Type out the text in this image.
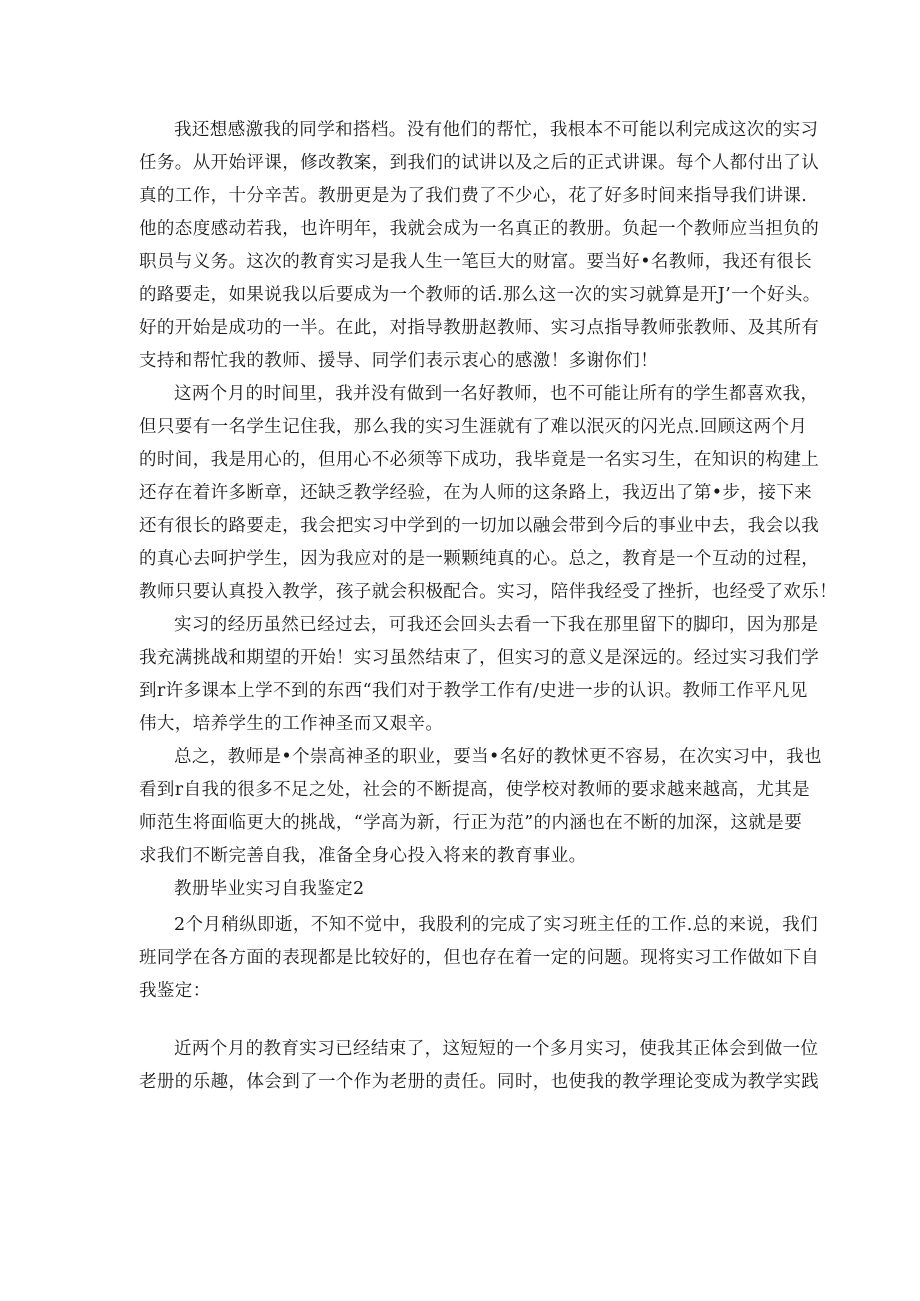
我还想感激我的同学和搭档。没有他们的帮忙，我根本不可能以利完成这次的实习
任务。从开始评课，修改教案，到我们的试讲以及之后的正式讲课。每个人都付出了认
真的工作，十分辛苦。教册更是为了我们费了不少心，花了好多时间来指导我们讲课.
他的态度感动若我，也许明年，我就会成为一名真正的教册。负起一个教师应当担负的
职员与义务。这次的教育实习是我人生一笔巨大的财富。要当好•名教师，我还有很长
的路要走，如果说我以后要成为一个教师的话.那么这一次的实习就算是开J’一个好头。
好的开始是成功的一半。在此，对指导教册赵教师、实习点指导教师张教师、及其所有
支持和帮忙我的教师、援导、同学们表示衷心的感激！多谢你们！
这两个月的时间里，我并没有做到一名好教师，也不可能让所有的学生都喜欢我，
但只要有一名学生记住我，那么我的实习生涯就有了难以泯灭的闪光点.回顾这两个月
的时间，我是用心的，但用心不必须等下成功，我毕竟是一名实习生，在知识的构建上
还存在着许多断章，还缺乏教学经验，在为人师的这条路上，我迈出了第•步，接下来
还有很长的路要走，我会把实习中学到的一切加以融会带到今后的事业中去，我会以我
的真心去呵护学生，因为我应对的是一颗颗纯真的心。总之，教育是一个互动的过程，
教师只要认真投入教学，孩子就会积极配合。实习，陪伴我经受了挫折，也经受了欢乐！
实习的经历虽然已经过去，可我还会回头去看一下我在那里留下的脚印，因为那是
我充满挑战和期望的开始！实习虽然结束了，但实习的意义是深远的。经过实习我们学
到r许多课本上学不到的东西“我们对于教学工作有/史进一步的认识。教师工作平凡见
伟大，培养学生的工作神圣而又艰辛。
总之，教师是•个崇高神圣的职业，要当•名好的教怵更不容易，在次实习中，我也
看到r自我的很多不足之处，社会的不断提高，使学校对教师的要求越来越高，尤其是
师范生将面临更大的挑战，“学高为新，行正为范”的内涵也在不断的加深，这就是要
求我们不断完善自我，准备全身心投入将来的教育事业。
教册毕业实习自我鉴定2
2个月稍纵即逝，不知不觉中，我股利的完成了实习班主任的工作.总的来说，我们
班同学在各方面的表现都是比较好的，但也存在着一定的问题。现将实习工作做如下自
我鉴定：
近两个月的教育实习已经结束了，这短短的一个多月实习，使我其正体会到做一位
老册的乐趣，体会到了一个作为老册的责任。同时，也使我的教学理论变成为教学实践
